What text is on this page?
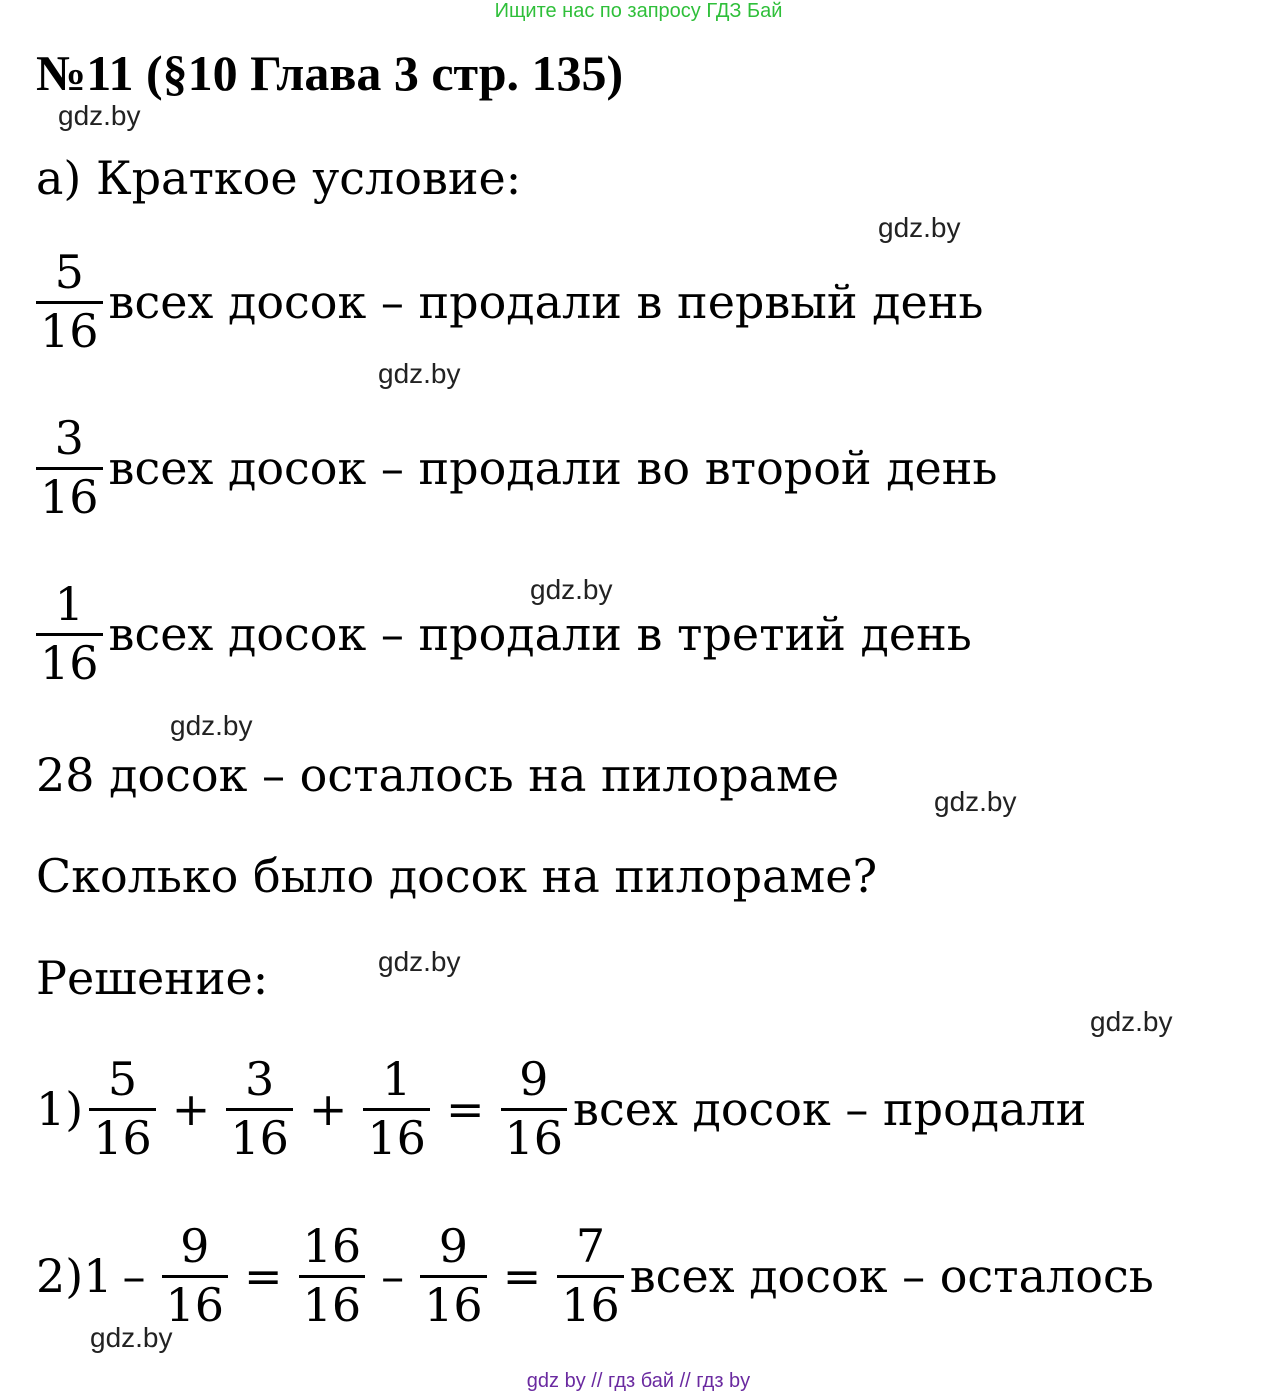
Ищите нас по запросу ГДЗ Бай
№11 (§10 Глава 3 стр. 135)
gdz.by
а) Краткое условие:
gdz.by
$\frac{5}{16}$ всех досок – продали в первый день
gdz.by
$\frac{3}{16}$ всех досок – продали во второй день
gdz.by
$\frac{1}{16}$ всех досок – продали в третий день
gdz.by
28 досок – осталось на пилораме	gdz.by
Сколько было досок на пилораме?
Решение:	gdz.by
gdz.by
$1) \frac{5}{16} + \frac{3}{16} + \frac{1}{16} = \frac{9}{16}$ всех досок – продали
2) $1 - \frac{9}{16} = \frac{16}{16} - \frac{9}{16} = \frac{7}{16}$ всех досок – осталось
gdz.by
gdz by // гдз бай // гдз by
